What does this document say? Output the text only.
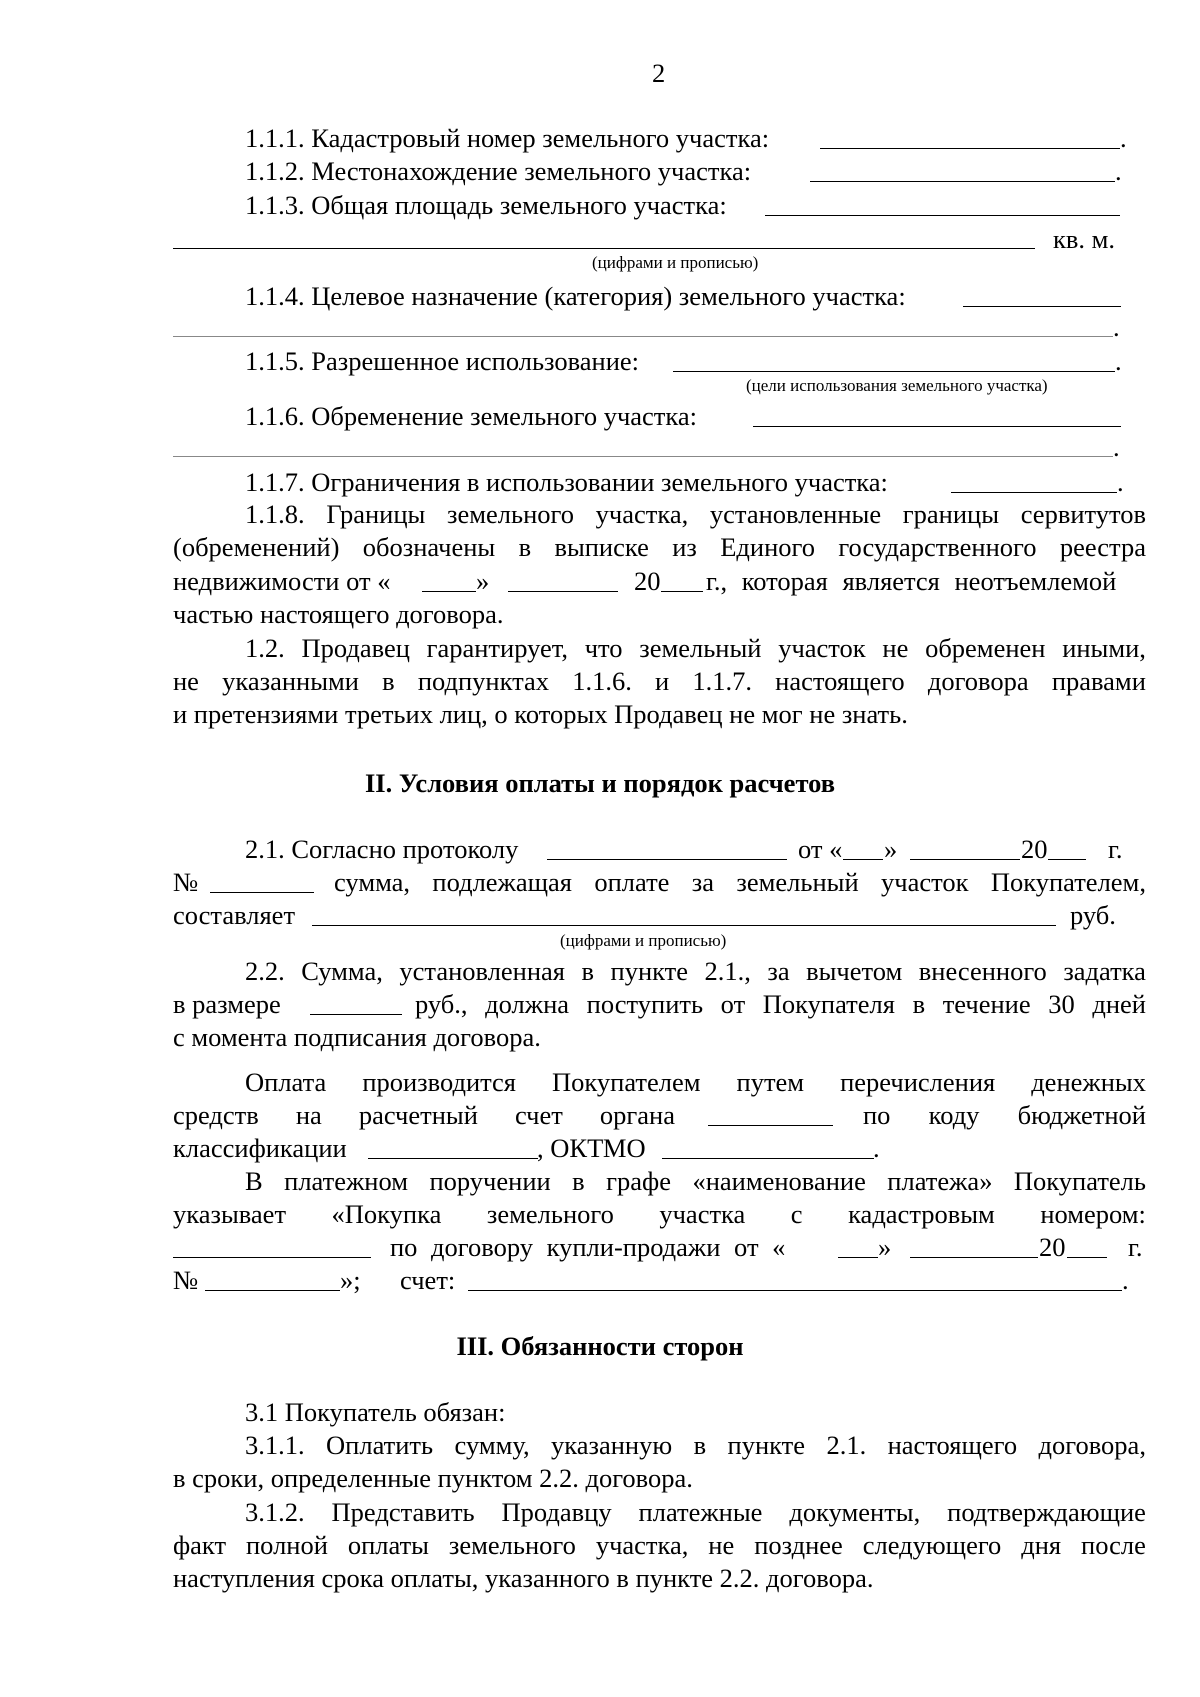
2
1.1.1. Кадастровый номер земельного участка:	.
1.1.2. Местонахождение земельного участка:	.
1.1.3. Общая площадь земельного участка:
кв. м.
(цифрами и прописью)
1.1.4. Целевое назначение (категория) земельного участка:
.
1.1.5. Разрешенное использование:	.
(цели использования земельного участка)
1.1.6. Обременение земельного участка:
.
1.1.7. Ограничения в использовании земельного участка:	.
1.1.8. Границы земельного участка, установленные границы сервитутов
(обременений) обозначены в выписке из Единого государственного реестра
недвижимости от «	»	20 г., которая является неотъемлемой
частью настоящего договора.
1.2. Продавец гарантирует, что земельный участок не обременен иными,
не указанными в подпунктах 1.1.6. и 1.1.7. настоящего договора правами
и претензиями третьих лиц, о которых Продавец не мог не знать.
II. Условия оплаты и порядок расчетов
2.1. Согласно протоколу	от « »	20 г.
№	сумма, подлежащая оплате за земельный участок Покупателем,
составляет	руб.
(цифрами и прописью)
2.2. Сумма, установленная в пункте 2.1., за вычетом внесенного задатка
в размере	руб., должна поступить от Покупателя в течение 30 дней
с момента подписания договора.
Оплата производится Покупателем путем перечисления денежных
средств на расчетный счет органа	по коду бюджетной
классификации	, ОКТМО	.
В платежном поручении в графе «наименование платежа» Покупатель
указывает «Покупка земельного участка с кадастровым номером:
по договору купли-продажи от «	»	20 г.
№	»; счет:	.
III. Обязанности сторон
3.1 Покупатель обязан:
3.1.1. Оплатить сумму, указанную в пункте 2.1. настоящего договора,
в сроки, определенные пунктом 2.2. договора.
3.1.2. Представить Продавцу платежные документы, подтверждающие
факт полной оплаты земельного участка, не позднее следующего дня после
наступления срока оплаты, указанного в пункте 2.2. договора.
